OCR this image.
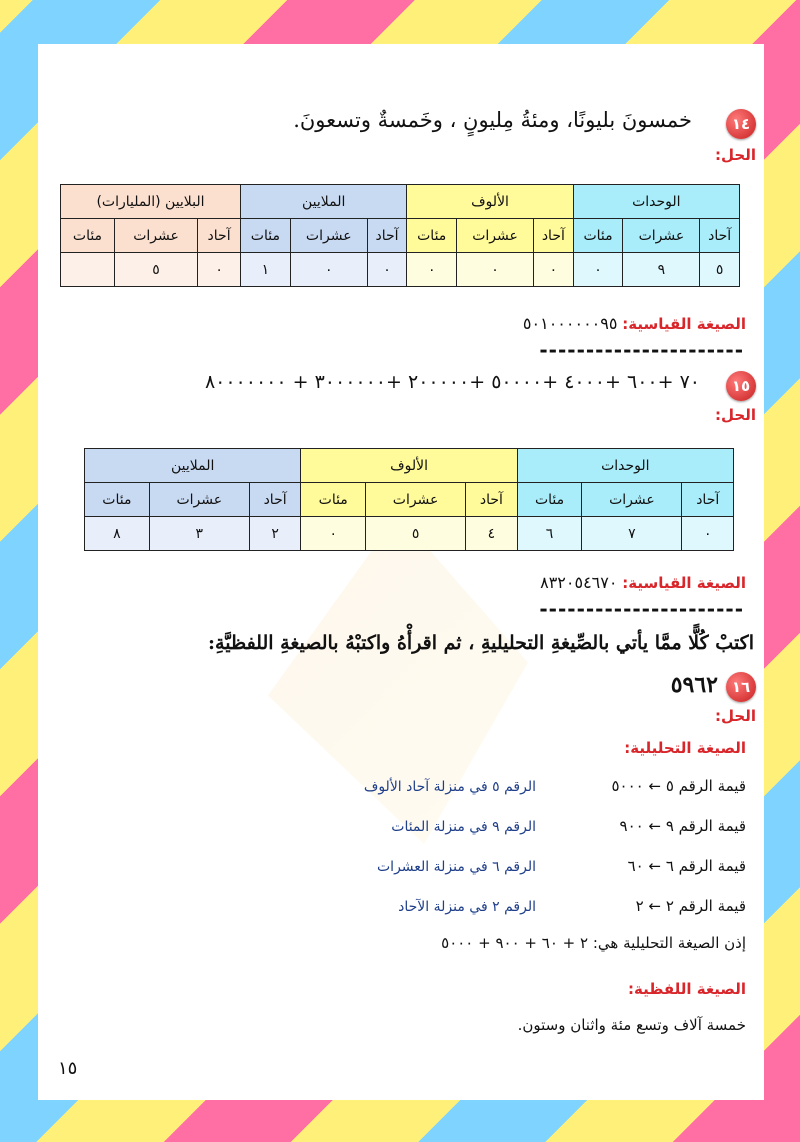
١٤
خمسونَ بليونًا، ومئةُ مِليونٍ ، وخَمسةٌ وتسعونَ.
الحل:
الوحدات			الألوف			الملايين			البلايين (المليارات)		
آحاد	عشرات	مئات	آحاد	عشرات	مئات	آحاد	عشرات	مئات	آحاد	عشرات	مئات
٥	٩	٠	٠	٠	٠	٠	٠	١	٠	٥	
الصيغة القياسية: ٥٠١٠٠٠٠٠٠٩٥
----------------------
١٥
٧٠ +٦٠٠ +٤٠٠٠ +٥٠٠٠٠ +٢٠٠٠٠٠ +٣٠٠٠٠٠٠ + ٨٠٠٠٠٠٠٠
الحل:
الوحدات			الألوف			الملايين		
آحاد	عشرات	مئات	آحاد	عشرات	مئات	آحاد	عشرات	مئات
٠	٧	٦	٤	٥	٠	٢	٣	٨
الصيغة القياسية: ٨٣٢٠٥٤٦٧٠
----------------------
اكتبْ كُلًّا ممَّا يأتي بالصِّيغةِ التحليليةِ ، ثم اقرأْهُ واكتبْهُ بالصيغةِ اللفظيَّةِ:
١٦
٥٩٦٢
الحل:
الصيغة التحليلية:
قيمة الرقم ٥ ← ٥٠٠٠
الرقم ٥ في منزلة آحاد الألوف
قيمة الرقم ٩ ← ٩٠٠
الرقم ٩ في منزلة المئات
قيمة الرقم ٦ ← ٦٠
الرقم ٦ في منزلة العشرات
قيمة الرقم ٢ ← ٢
الرقم ٢ في منزلة الآحاد
إذن الصيغة التحليلية هي: ٢ + ٦٠ + ٩٠٠ + ٥٠٠٠
الصيغة اللفظية:
خمسة آلاف وتسع مئة واثنان وستون.
١٥
